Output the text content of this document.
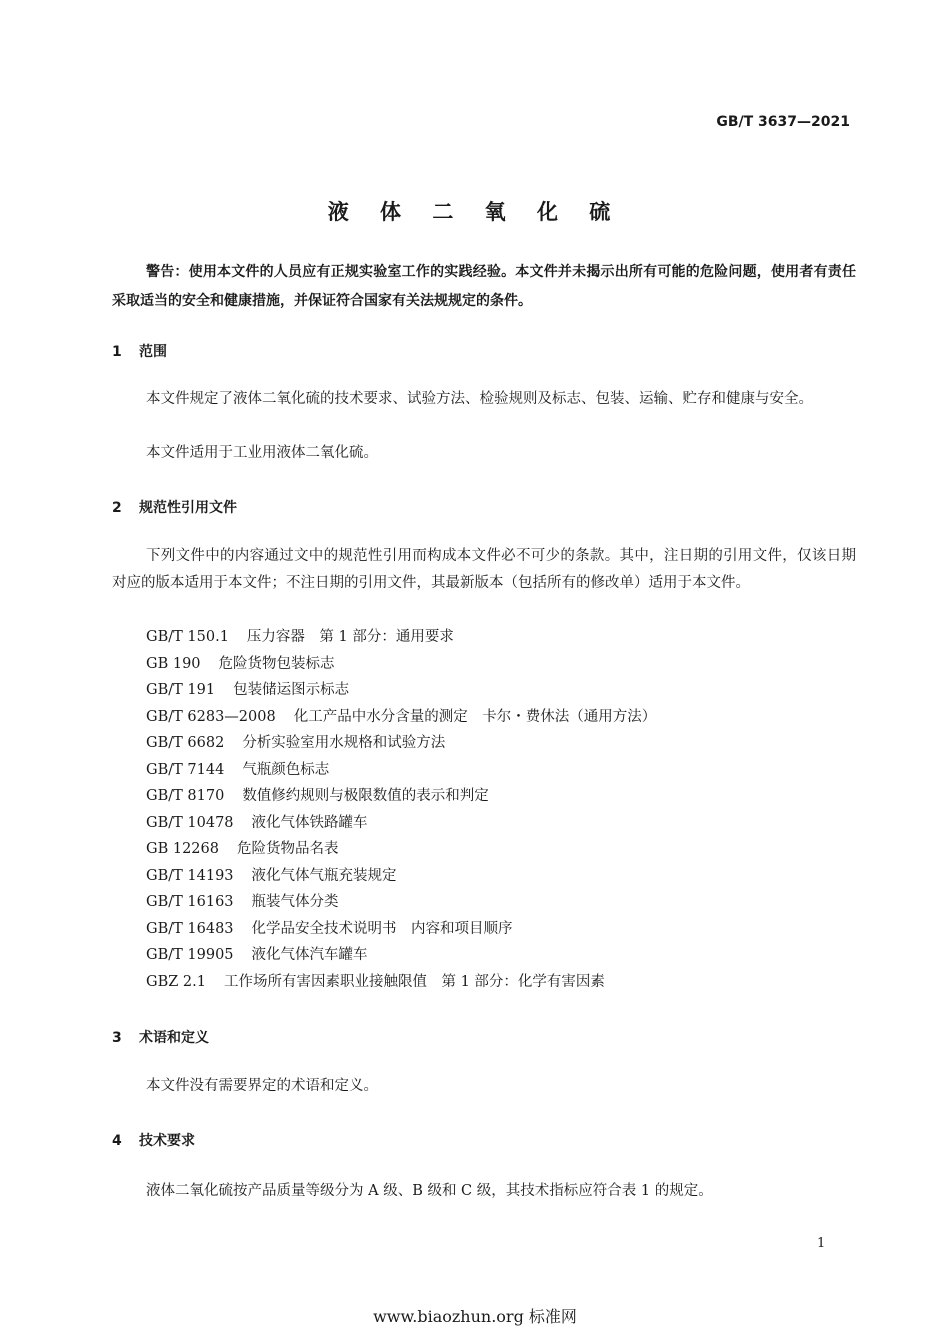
GB/T 3637—2021
液 体 二 氧 化 硫

警告：使用本文件的人员应有正规实验室工作的实践经验。本文件并未揭示出所有可能的危险问题，使用者有责任采取适当的安全和健康措施，并保证符合国家有关法规规定的条件。

1 范围

本文件规定了液体二氧化硫的技术要求、试验方法、检验规则及标志、包装、运输、贮存和健康与安全。

本文件适用于工业用液体二氧化硫。

2 规范性引用文件

下列文件中的内容通过文中的规范性引用而构成本文件必不可少的条款。其中，注日期的引用文件，仅该日期对应的版本适用于本文件；不注日期的引用文件，其最新版本（包括所有的修改单）适用于本文件。

GB/T 150.1 压力容器　第 1 部分：通用要求
GB 190 危险货物包装标志
GB/T 191 包装储运图示标志
GB/T 6283—2008 化工产品中水分含量的测定　卡尔・费休法（通用方法）
GB/T 6682 分析实验室用水规格和试验方法
GB/T 7144 气瓶颜色标志
GB/T 8170 数值修约规则与极限数值的表示和判定
GB/T 10478 液化气体铁路罐车
GB 12268 危险货物品名表
GB/T 14193 液化气体气瓶充装规定
GB/T 16163 瓶装气体分类
GB/T 16483 化学品安全技术说明书　内容和项目顺序
GB/T 19905 液化气体汽车罐车
GBZ 2.1 工作场所有害因素职业接触限值　第 1 部分：化学有害因素
3 术语和定义

本文件没有需要界定的术语和定义。

4 技术要求

液体二氧化硫按产品质量等级分为 A 级、B 级和 C 级，其技术指标应符合表 1 的规定。

1
www.biaozhun.org 标准网
